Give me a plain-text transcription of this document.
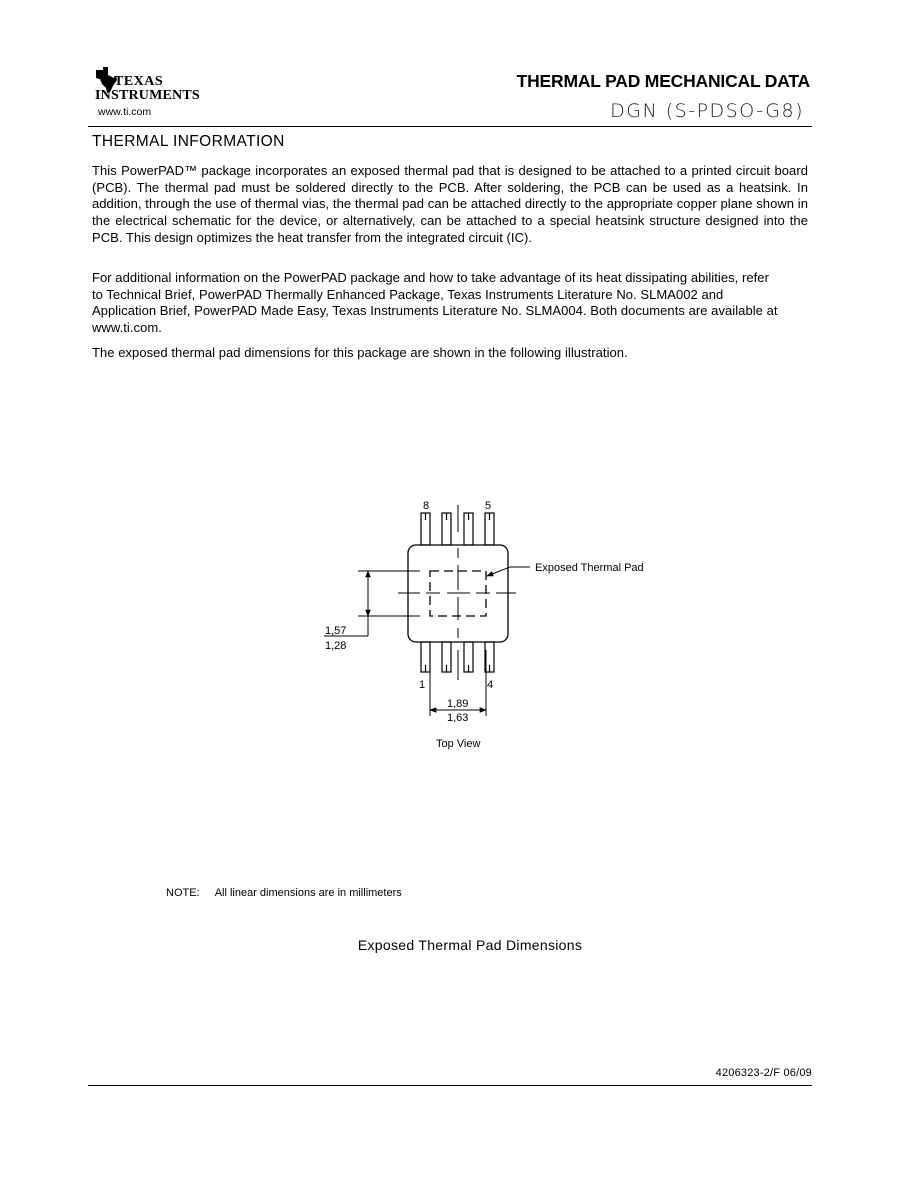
TEXAS
INSTRUMENTS
www.ti.com
THERMAL PAD MECHANICAL DATA
DGN (S-PDSO-G8)
THERMAL INFORMATION

This PowerPAD™ package incorporates an exposed thermal pad that is designed to be attached to a printed circuit board (PCB). The thermal pad must be soldered directly to the PCB. After soldering, the PCB can be used as a heatsink. In addition, through the use of thermal vias, the thermal pad can be attached directly to the appropriate copper plane shown in the electrical schematic for the device, or alternatively, can be attached to a special heatsink structure designed into the PCB. This design optimizes the heat transfer from the integrated circuit (IC).

For additional information on the PowerPAD package and how to take advantage of its heat dissipating abilities, refer to Technical Brief, PowerPAD Thermally Enhanced Package, Texas Instruments Literature No. SLMA002 and Application Brief, PowerPAD Made Easy, Texas Instruments Literature No. SLMA004. Both documents are available at www.ti.com.

The exposed thermal pad dimensions for this package are shown in the following illustration.

Exposed Thermal Pad
8	5
1	4
1,57
1,28
1,89
1,63
Top View
NOTE: All linear dimensions are in millimeters
Exposed Thermal Pad Dimensions
4206323-2/F 06/09
